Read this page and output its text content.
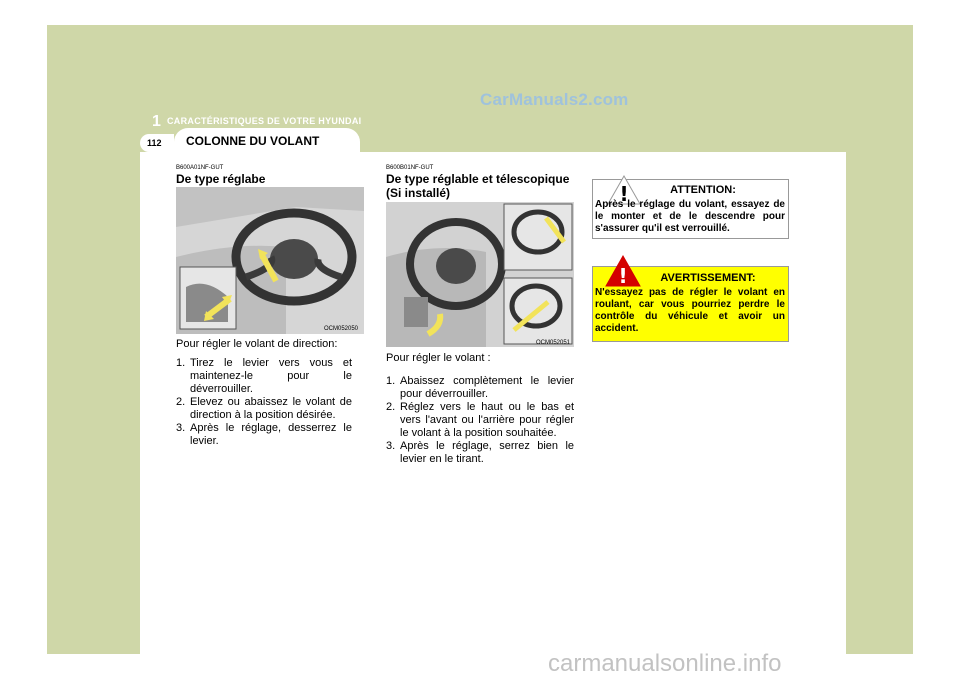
CarManuals2.com
1 CARACTÉRISTIQUES DE VOTRE HYUNDAI
112 COLONNE DU VOLANT
B600A01NF-GUT
De type réglabe
OCM052050
Pour régler le volant de direction:
1. Tirez le levier vers vous et maintenez-le pour le déverrouiller.
2. Elevez ou abaissez le volant de direction à la position désirée.
3. Après le réglage, desserrez le levier.
B600B01NF-GUT
De type réglable et télescopique
(Si installé)
OCM052051
Pour régler le volant :
1. Abaissez complètement le levier pour déverrouiller.
2. Réglez vers le haut ou le bas et vers l'avant ou l'arrière pour régler le volant à la position souhaitée.
3. Après le réglage, serrez bien le levier en le tirant.
!	ATTENTION:
Après le réglage du volant, essayez de le monter et de le descendre pour s'assurer qu'il est verrouillé.
!	AVERTISSEMENT:
N'essayez pas de régler le volant en roulant, car vous pourriez perdre le contrôle du véhicule et avoir un accident.
carmanualsonline.info
